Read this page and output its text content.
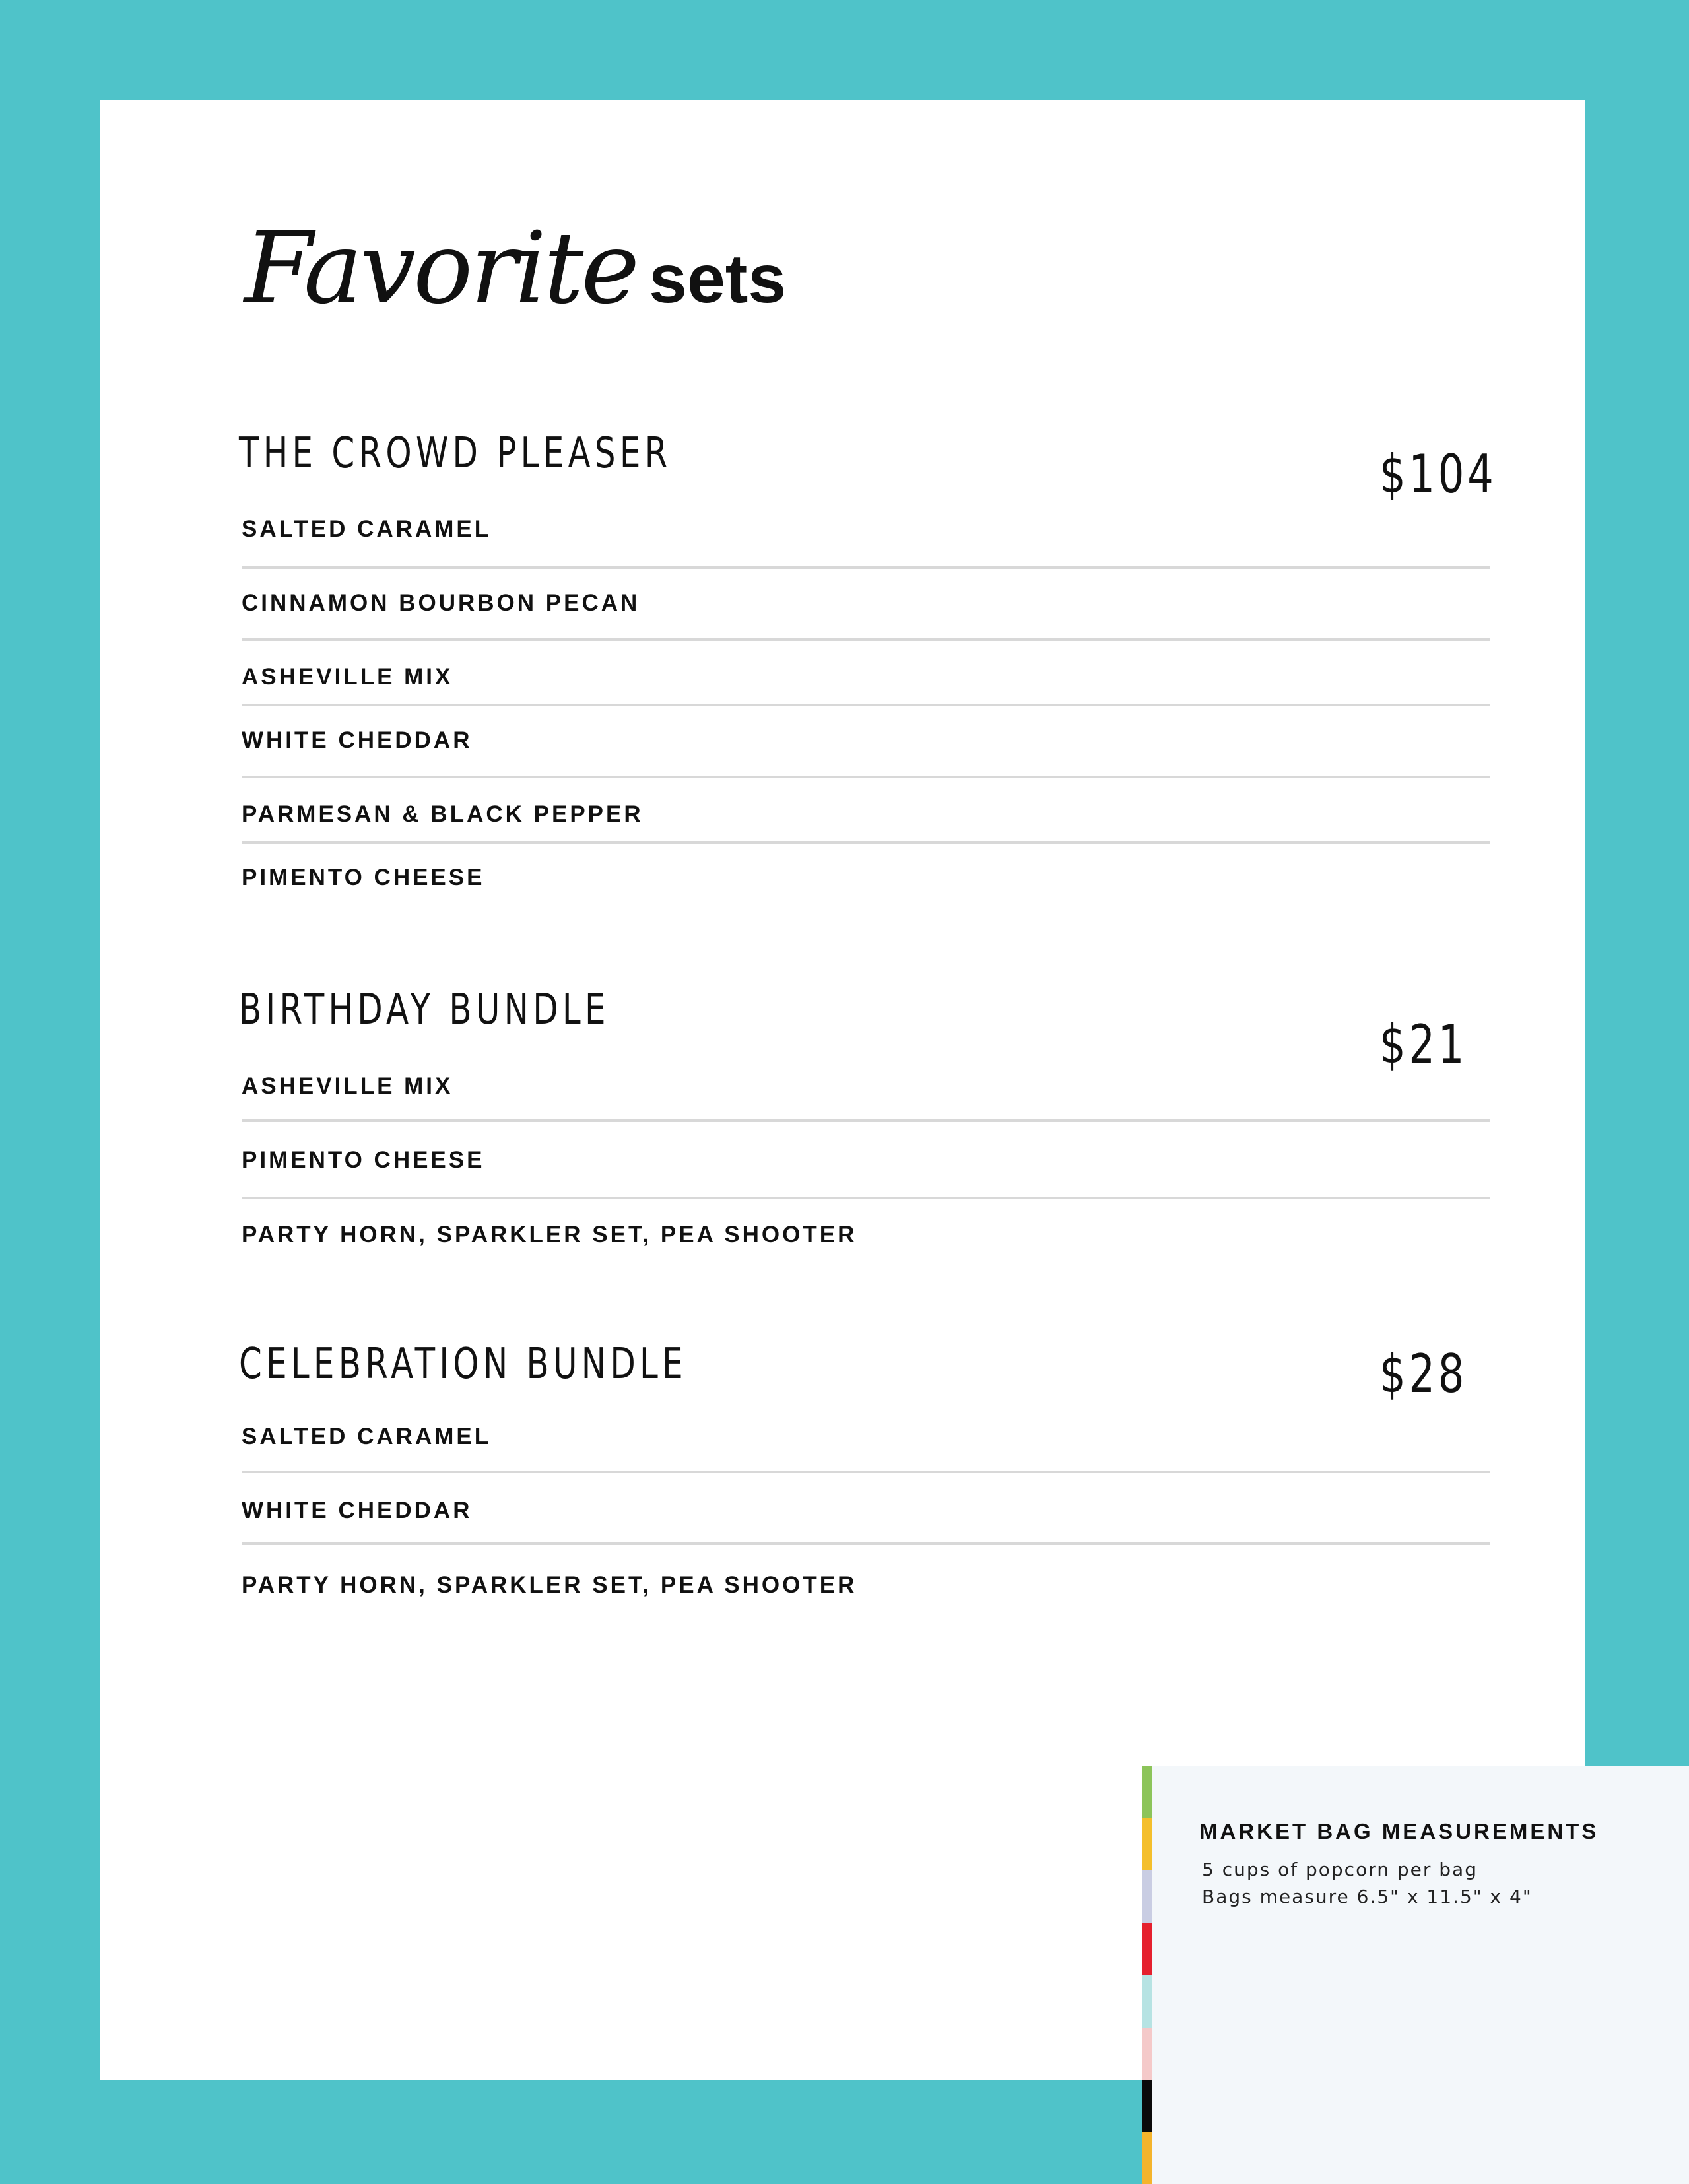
Favorite sets
THE CROWD PLEASER	$104
SALTED CARAMEL
CINNAMON BOURBON PECAN
ASHEVILLE MIX
WHITE CHEDDAR
PARMESAN & BLACK PEPPER
PIMENTO CHEESE
BIRTHDAY BUNDLE
$21
ASHEVILLE MIX
PIMENTO CHEESE
PARTY HORN, SPARKLER SET, PEA SHOOTER
CELEBRATION BUNDLE	$28
SALTED CARAMEL
WHITE CHEDDAR
PARTY HORN, SPARKLER SET, PEA SHOOTER
MARKET BAG MEASUREMENTS
5 cups of popcorn per bag
Bags measure 6.5" x 11.5" x 4"
